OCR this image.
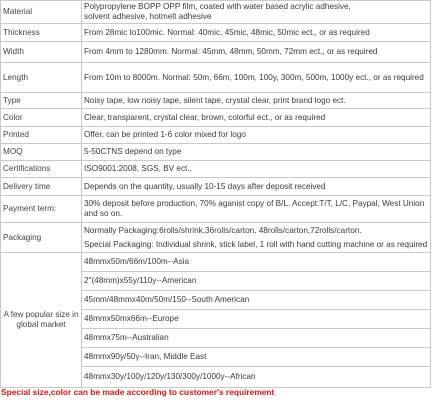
Material	Polypropylene BOPP OPP film, coated with water based acrylic adhesive,
solvent adhesive, hotmelt adhesive

Thickness	From 28mic to100mic. Normal: 40mic, 45mic, 48mic, 50mic ect., or as required
Width	From 4mm to 1280mm. Normal: 45mm, 48mm, 50mm, 72mm ect., or as required
Length	From 10m to 8000m. Normal: 50m, 66m, 100m, 100y, 300m, 500m, 1000y ect., or as required
Type	Noisy tape, low noisy tape, silent tape, crystal clear, print brand logo ect.
Color	Clear, transparent, crystal clear, brown, colorful ect., or as required
Printed	Offer, can be printed 1-6 color mixed for logo
MOQ	5-50CTNS depend on type
Certifications	ISO9001:2008, SGS, BV ect.,
Delivery time	Depends on the quantity, usually 10-15 days after deposit received
Payment term:	30% deposit before production, 70% aganist copy of B/L. Accept:T/T, L/C, Paypal, West Union
and so on.

Packaging	Normally Packaging:6rolls/shrink,36rolls/carton, 48rolls/carton,72rolls/carton.
Special Packaging: Individual shrink, stick label, 1 roll with hand cutting machine or as required

A few popular size in global market	48mmx50m/66m/100m--Asia
	2"(48mm)x55y/110y--American
	45mm/48mmx40m/50m/150--South American
	48mmx50mx66m--Europe
	48mmx75m--Australian
	48mmx90y/50y--Iran, Middle East
	48mmx30y/100y/120y/130/300y/1000y--African
Special size,color can be made according to customer's requirement
